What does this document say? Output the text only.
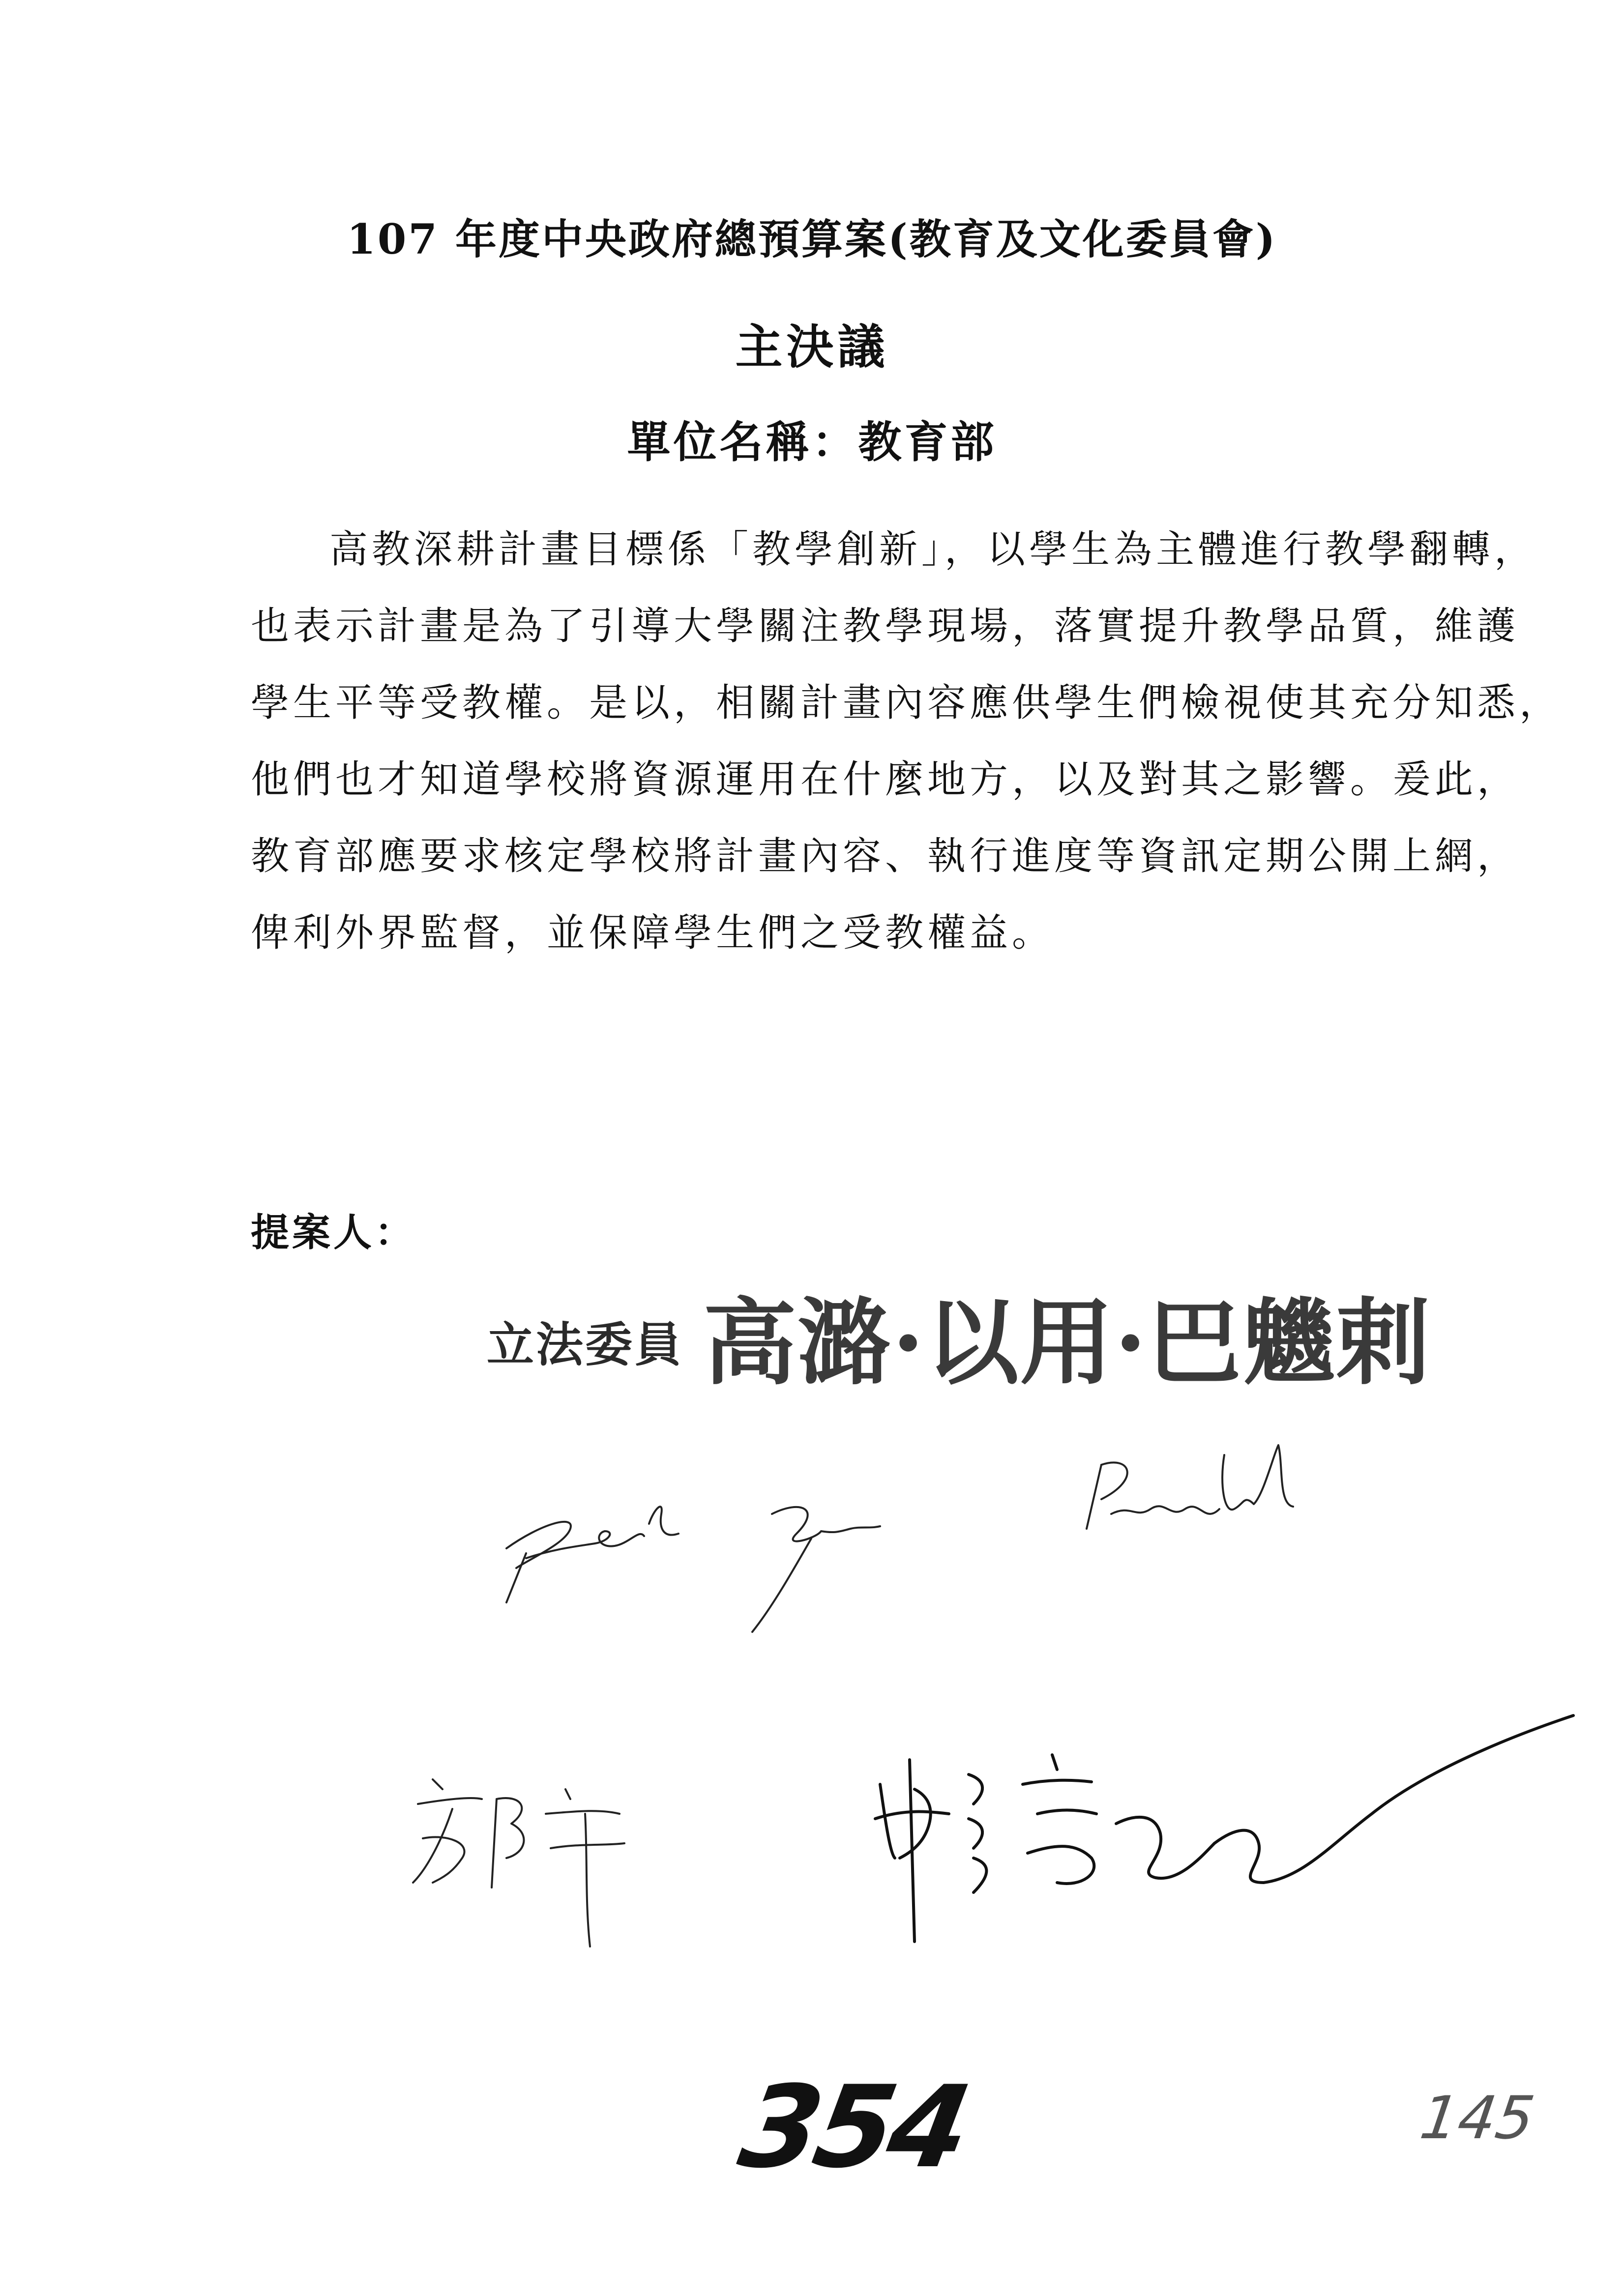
107 年度中央政府總預算案(教育及文化委員會)
主決議
單位名稱：教育部
高教深耕計畫目標係「教學創新」，以學生為主體進行教學翻轉，
也表示計畫是為了引導大學關注教學現場，落實提升教學品質，維護
學生平等受教權。是以，相關計畫內容應供學生們檢視使其充分知悉，
他們也才知道學校將資源運用在什麼地方，以及對其之影響。爰此，
教育部應要求核定學校將計畫內容、執行進度等資訊定期公開上網，
俾利外界監督，並保障學生們之受教權益。
提案人：
立法委員 高潞·以用·巴魕剌
354	145
